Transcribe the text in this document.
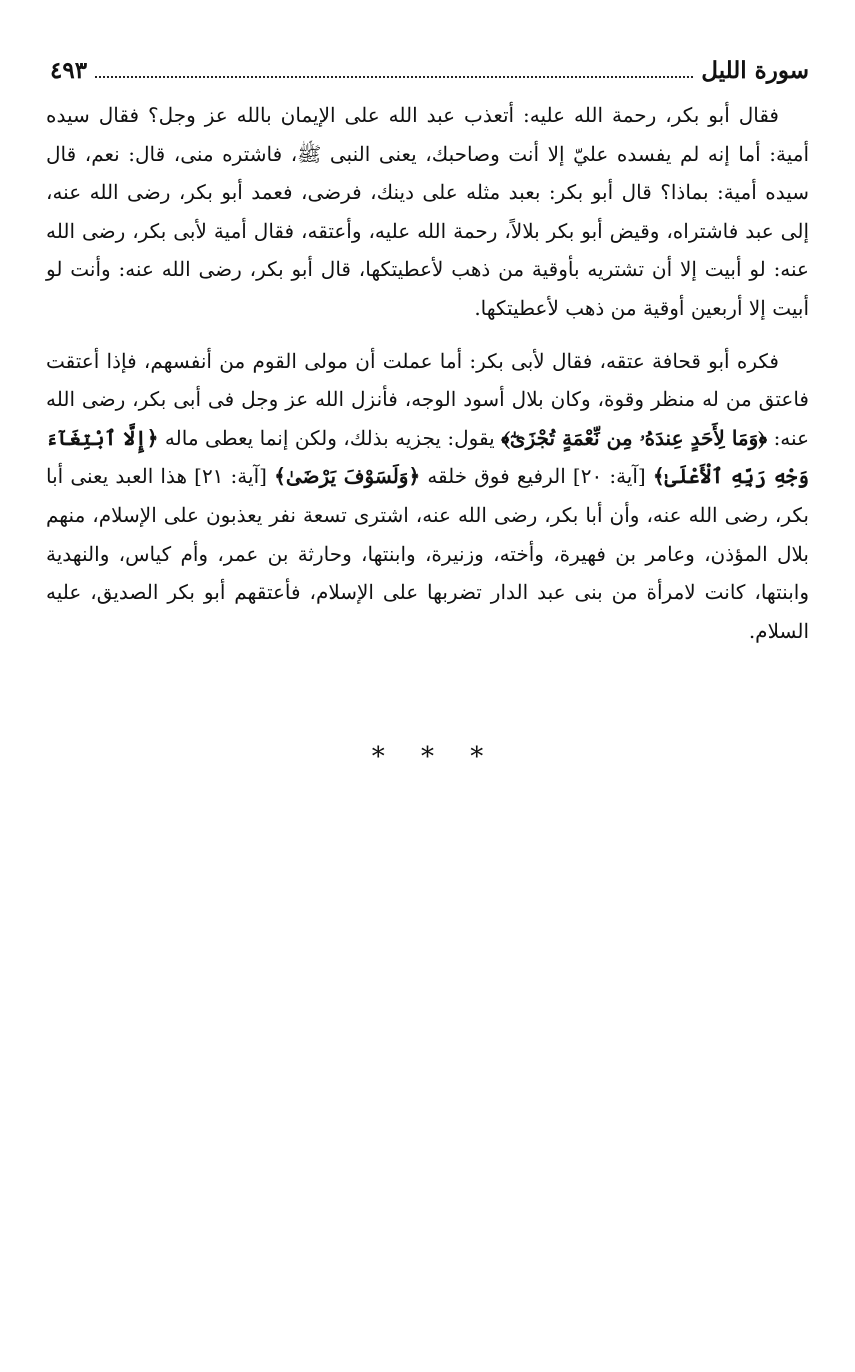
سورة الليل
٤٩٣

فقال أبو بكر، رحمة الله عليه: أتعذب عبد الله على الإيمان بالله عز وجل؟ فقال سيده أمية: أما إنه لم يفسده عليّ إلا أنت وصاحبك، يعنى النبى ﷺ، فاشتره منى، قال: نعم، قال سيده أمية: بماذا؟ قال أبو بكر: بعبد مثله على دينك، فرضى، فعمد أبو بكر، رضى الله عنه، إلى عبد فاشتراه، وقيض أبو بكر بلالاً، رحمة الله عليه، وأعتقه، فقال أمية لأبى بكر، رضى الله عنه: لو أبيت إلا أن تشتريه بأوقية من ذهب لأعطيتكها، قال أبو بكر، رضى الله عنه: وأنت لو أبيت إلا أربعين أوقية من ذهب لأعطيتكها.

فكره أبو قحافة عتقه، فقال لأبى بكر: أما عملت أن مولى القوم من أنفسهم، فإذا أعتقت فاعتق من له منظر وقوة، وكان بلال أسود الوجه، فأنزل الله عز وجل فى أبى بكر، رضى الله عنه: ﴿وَمَا لِأَحَدٍ عِندَهُۥ مِن نِّعْمَةٍ تُجْزَىٰٓ﴾ يقول: يجزيه بذلك، ولكن إنما يعطى ماله ﴿إِلَّا ٱبْتِغَآءَ وَجْهِ رَبِّهِ ٱلْأَعْلَىٰ﴾ [آية: ٢٠] الرفيع فوق خلقه ﴿وَلَسَوْفَ يَرْضَىٰ﴾ [آية: ٢١] هذا العبد يعنى أبا بكر، رضى الله عنه، وأن أبا بكر، رضى الله عنه، اشترى تسعة نفر يعذبون على الإسلام، منهم بلال المؤذن، وعامر بن فهيرة، وأخته، وزنيرة، وابنتها، وحارثة بن عمر، وأم كياس، والنهدية وابنتها، كانت لامرأة من بنى عبد الدار تضربها على الإسلام، فأعتقهم أبو بكر الصديق، عليه السلام.

* * *
